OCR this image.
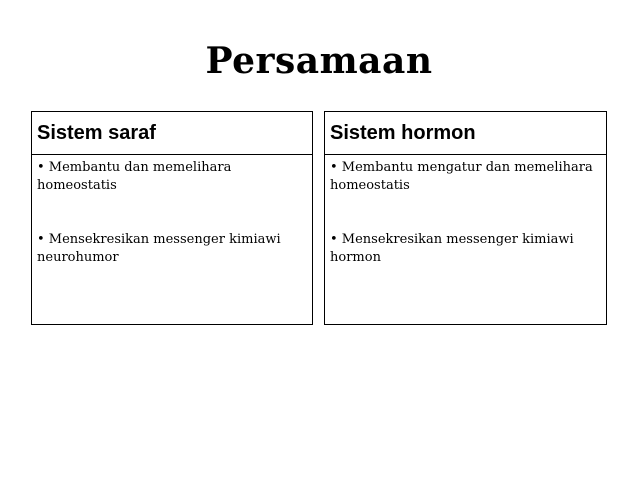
Persamaan
Sistem saraf

• Membantu dan memelihara homeostatis

• Mensekresikan messenger kimiawi neurohumor

Sistem hormon

• Membantu mengatur dan memelihara homeostatis

• Mensekresikan messenger kimiawi hormon
